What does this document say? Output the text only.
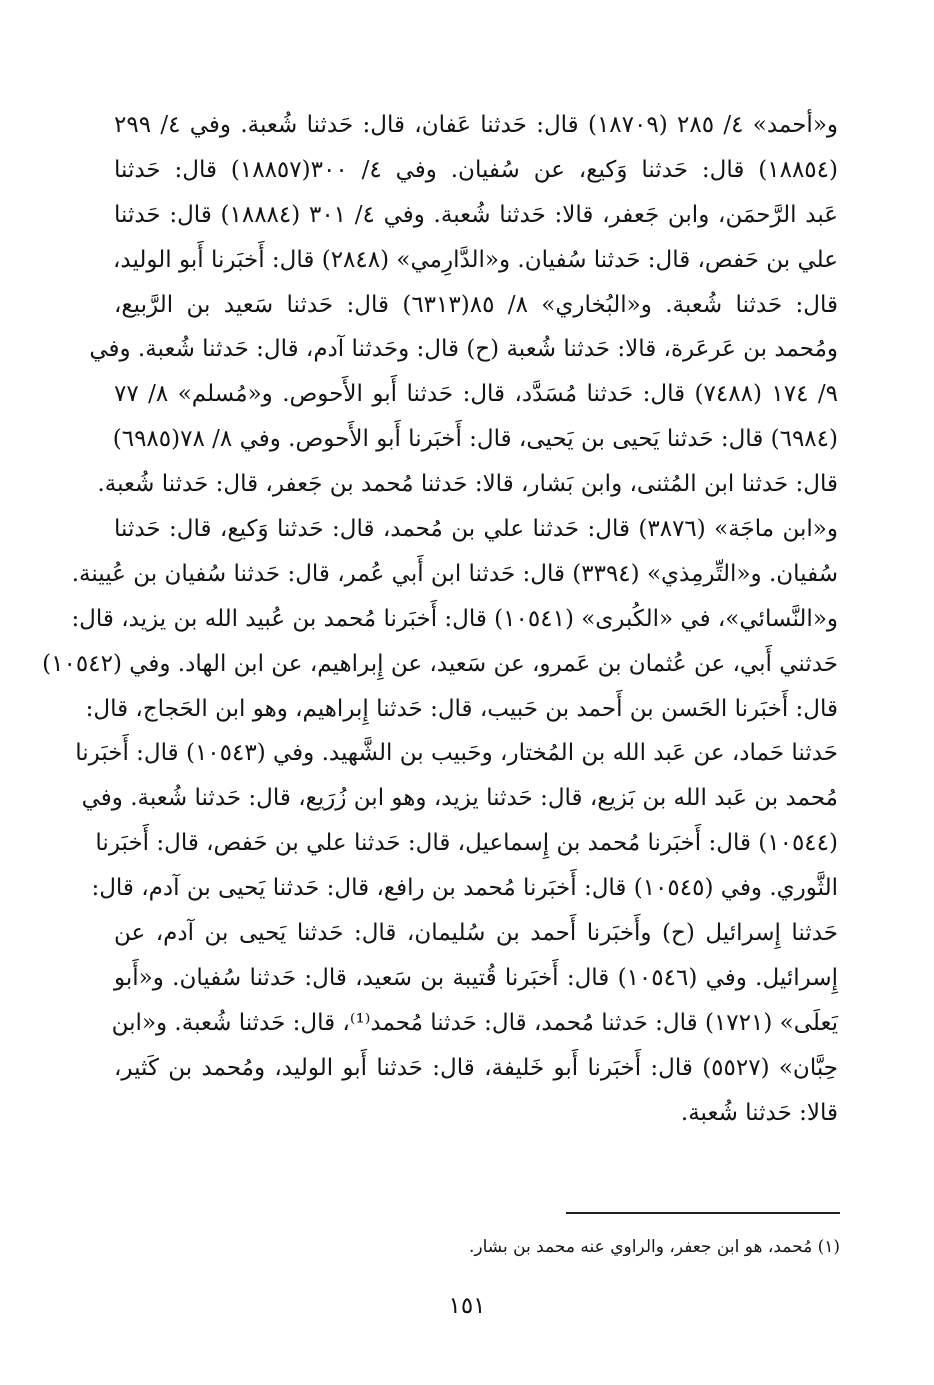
و«أحمد» ٤/ ٢٨٥ (١٨٧٠٩) قال: حَدثنا عَفان، قال: حَدثنا شُعبة. وفي ٤/ ٢٩٩
(١٨٨٥٤) قال: حَدثنا وَكيع، عن سُفيان. وفي ٤/ ٣٠٠(١٨٨٥٧) قال: حَدثنا
عَبد الرَّحمَن، وابن جَعفر، قالا: حَدثنا شُعبة. وفي ٤/ ٣٠١ (١٨٨٨٤) قال: حَدثنا
علي بن حَفص، قال: حَدثنا سُفيان. و«الدَّارِمي» (٢٨٤٨) قال: أَخبَرنا أَبو الوليد،
قال: حَدثنا شُعبة. و«البُخاري» ٨/ ٨٥(٦٣١٣) قال: حَدثنا سَعيد بن الرَّبيع،
ومُحمد بن عَرعَرة، قالا: حَدثنا شُعبة (ح) قال: وحَدثنا آدم، قال: حَدثنا شُعبة. وفي
٩/ ١٧٤ (٧٤٨٨) قال: حَدثنا مُسَدَّد، قال: حَدثنا أَبو الأَحوص. و«مُسلم» ٨/ ٧٧
(٦٩٨٤) قال: حَدثنا يَحيى بن يَحيى، قال: أَخبَرنا أَبو الأَحوص. وفي ٨/ ٧٨(٦٩٨٥)
قال: حَدثنا ابن المُثنى، وابن بَشار، قالا: حَدثنا مُحمد بن جَعفر، قال: حَدثنا شُعبة.
و«ابن ماجَة» (٣٨٧٦) قال: حَدثنا علي بن مُحمد، قال: حَدثنا وَكيع، قال: حَدثنا
سُفيان. و«التِّرمِذي» (٣٣٩٤) قال: حَدثنا ابن أَبي عُمر، قال: حَدثنا سُفيان بن عُيينة.
و«النَّسائي»، في «الكُبرى» (١٠٥٤١) قال: أَخبَرنا مُحمد بن عُبيد الله بن يزيد، قال:
حَدثني أَبي، عن عُثمان بن عَمرو، عن سَعيد، عن إِبراهيم، عن ابن الهاد. وفي (١٠٥٤٢)
قال: أَخبَرنا الحَسن بن أَحمد بن حَبيب، قال: حَدثنا إِبراهيم، وهو ابن الحَجاج، قال:
حَدثنا حَماد، عن عَبد الله بن المُختار، وحَبيب بن الشَّهيد. وفي (١٠٥٤٣) قال: أَخبَرنا
مُحمد بن عَبد الله بن بَزيع، قال: حَدثنا يزيد، وهو ابن زُرَيع، قال: حَدثنا شُعبة. وفي
(١٠٥٤٤) قال: أَخبَرنا مُحمد بن إِسماعيل، قال: حَدثنا علي بن حَفص، قال: أَخبَرنا
الثَّوري. وفي (١٠٥٤٥) قال: أَخبَرنا مُحمد بن رافع، قال: حَدثنا يَحيى بن آدم، قال:
حَدثنا إِسرائيل (ح) وأَخبَرنا أَحمد بن سُليمان، قال: حَدثنا يَحيى بن آدم، عن
إِسرائيل. وفي (١٠٥٤٦) قال: أَخبَرنا قُتيبة بن سَعيد، قال: حَدثنا سُفيان. و«أَبو
يَعلَى» (١٧٢١) قال: حَدثنا مُحمد، قال: حَدثنا مُحمد⁽¹⁾، قال: حَدثنا شُعبة. و«ابن
حِبَّان» (٥٥٢٧) قال: أَخبَرنا أَبو خَليفة، قال: حَدثنا أَبو الوليد، ومُحمد بن كَثير،
قالا: حَدثنا شُعبة.
(١) مُحمد، هو ابن جعفر، والراوي عنه محمد بن بشار.
١٥١
